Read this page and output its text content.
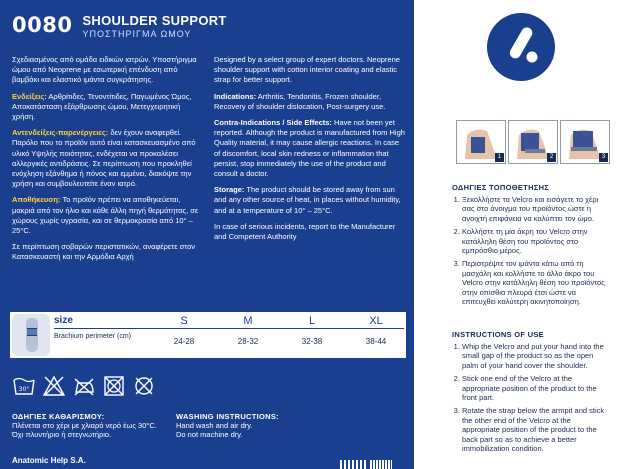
0080 SHOULDER SUPPORT
ΥΠΟΣΤΗΡΙΓΜΑ ΩΜΟΥ

Σχεδιασμένος από ομάδα ειδικών ιατρών. Υποστήριγμα ώμου από Neoprene με εσωτερική επένδυση από βαμβάκι και ελαστικό ιμάντα συγκράτησης.

Ενδείξεις: Αρθρίτιδες, Τενοντίτιδες, Παγωμένος Ώμος, Αποκατάσταση εξάρθρωσης ώμου, Μετεγχειρητική χρήση.

Αντενδείξεις-παρενέργειες: δεν έχουν αναφερθεί. Παρόλο που το προϊόν αυτό είναι κατασκευασμένο από υλικό Υψηλής ποιότητας, ενδέχεται να προκαλέσει αλλεργικές αντιδράσεις. Σε περίπτωση που προκληθεί ενόχληση εξάνθημα ή πόνος και εμμένει, διακόψτε την χρήση και συμβουλευτείτε έναν ιατρό.

Αποθήκευση: Το προϊόν πρέπει να αποθηκεύεται, μακριά από τον ήλιο και κάθε άλλη πηγή θερμότητας, σε χώρους χωρίς υγρασία, και σε θερμοκρασία από 10° – 25°C.

Σε περίπτωση σοβαρών περιστατικών, αναφέρετε στον Κατασκευαστή και την Αρμόδια Αρχή

Designed by a select group of expert doctors. Neoprene shoulder support with cotton interior coating and elastic strap for better support.

Indications: Arthritis, Tendonitis, Frozen shoulder, Recovery of shoulder dislocation, Post-surgery use.

Contra-Indications / Side Effects: Have not been yet reported. Although the product is manufactured from High Quality material, it may cause allergic reactions. In case of discomfort, local skin redness or inflammation that persist, stop immediately the use of the product and consult a doctor.

Storage: The product should be stored away from sun and any other source of heat, in places without humidity, and at a temperature of 10° – 25°C.

In case of serious incidents, report to the Manufacturer and Competent Authority

size	S	M	L	XL
Brachium perimeter (cm)
24-28	28-32	32-38	38-44
30°
ΟΔΗΓΙΕΣ ΚΑΘΑΡΙΣΜΟΥ:
Πλένεται στο χέρι με χλιαρό νερό έως 30°C.
Όχι πλυντήριο ή στεγνωτήριο.
WASHING INSTRUCTIONS:
Hand wash and air dry.
Do not machine dry.
Anatomic Help S.A.
1	2	3
ΟΔΗΓΙΕΣ ΤΟΠΟΘΕΤΗΣΗΣ
1. Ξεκολλήστε τα Velcro και εισάγετε το χέρι σας στο άνοιγμα του προϊόντος ώστε η ανοιχτή επιφάνεια να καλύπτει τον ώμο.
2. Κολλήστε τη μία άκρη του Velcro στην κατάλληλη θέση του προϊόντος στο εμπρόσθιο μέρος.
3. Περιστρέψτε τον ιμάντα κάτω από τη μασχάλη και κολλήστε το άλλο άκρο του Velcro στην κατάλληλη θέση του προϊόντος στην οπίσθια πλευρά έτσι ώστε να επιτευχθεί καλύτερη ακινητοποίηση.
INSTRUCTIONS OF USE
1. Whip the Velcro and put your hand into the small gap of the product so as the open palm of your hand cover the shoulder.
2. Stick one end of the Velcro at the appropriate position of the product to the front part.
3. Rotate the strap below the armpit and stick the other end of the Velcro at the appropriate position of the product to the back part so as to achieve a better immobilization condition.
